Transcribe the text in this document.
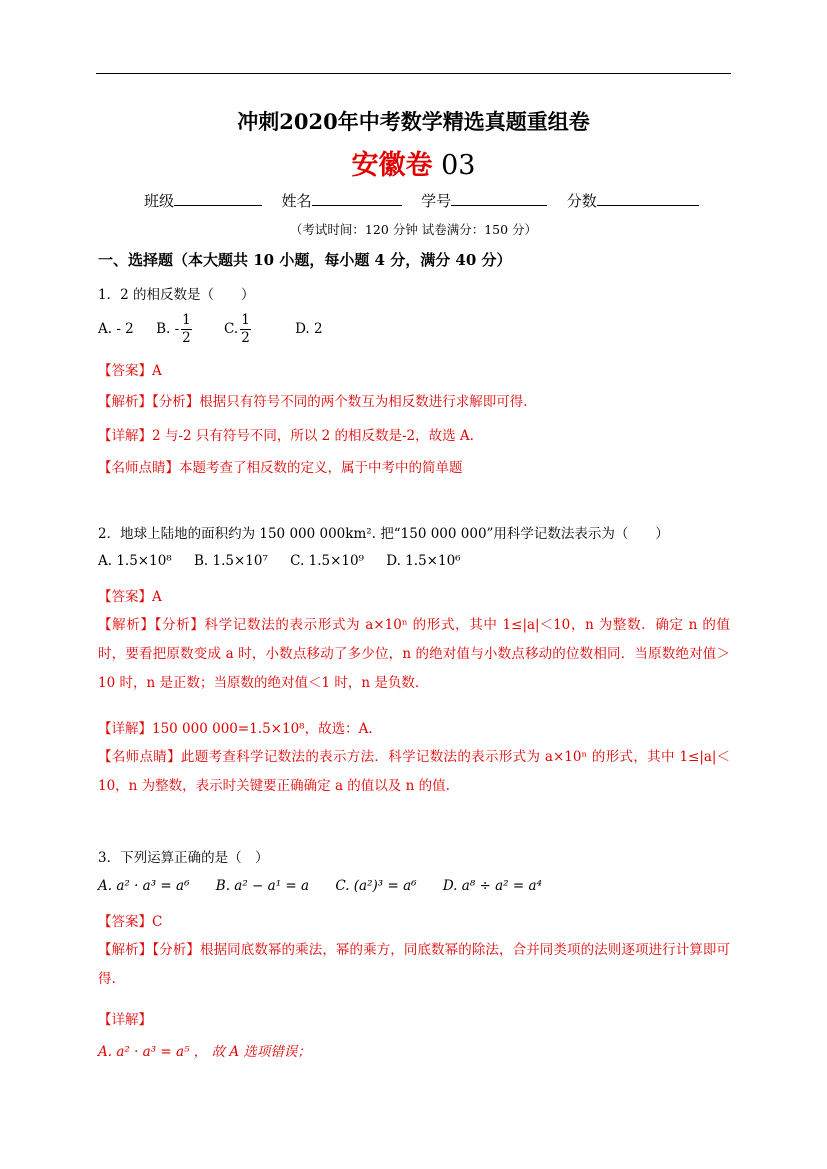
冲刺2020年中考数学精选真题重组卷
安徽卷 03
班级	姓名	学号	分数
（考试时间：120 分钟 试卷满分：150 分）
一、选择题（本大题共 10 小题，每小题 4 分，满分 40 分）
1．2 的相反数是（　　）
A. - 2 B. - $\frac{1}{2} C$. $\frac{1}{2}$	D. 2
【答案】A
【解析】【分析】根据只有符号不同的两个数互为相反数进行求解即可得.
【详解】2 与-2 只有符号不同，所以 2 的相反数是-2，故选 A.
【名师点睛】本题考查了相反数的定义，属于中考中的简单题
2．地球上陆地的面积约为 150 000 000km². 把“150 000 000”用科学记数法表示为（　　）
A. 1.5×10⁸ B. 1.5×10⁷ C. 1.5×10⁹ D. 1.5×10⁶
【答案】A
【解析】【分析】科学记数法的表示形式为 a×10ⁿ 的形式，其中 1≤|a|＜10，n 为整数．确定 n 的值时，要看把原数变成 a 时，小数点移动了多少位，n 的绝对值与小数点移动的位数相同．当原数绝对值＞10 时，n 是正数；当原数的绝对值＜1 时，n 是负数．
【详解】150 000 000=1.5×10⁸，故选：A.
【名师点睛】此题考查科学记数法的表示方法．科学记数法的表示形式为 a×10ⁿ 的形式，其中 1≤|a|＜10，n 为整数，表示时关键要正确确定 a 的值以及 n 的值.
3．下列运算正确的是（　）
A. a² · a³ = a⁶ B. a² − a¹ = a C. (a²)³ = a⁶ D. a⁸ ÷ a² = a⁴
【答案】C
【解析】【分析】根据同底数幂的乘法，幂的乘方，同底数幂的除法，合并同类项的法则逐项进行计算即可得.
【详解】
A. a² · a³ = a⁵ ， 故 A 选项错误；
